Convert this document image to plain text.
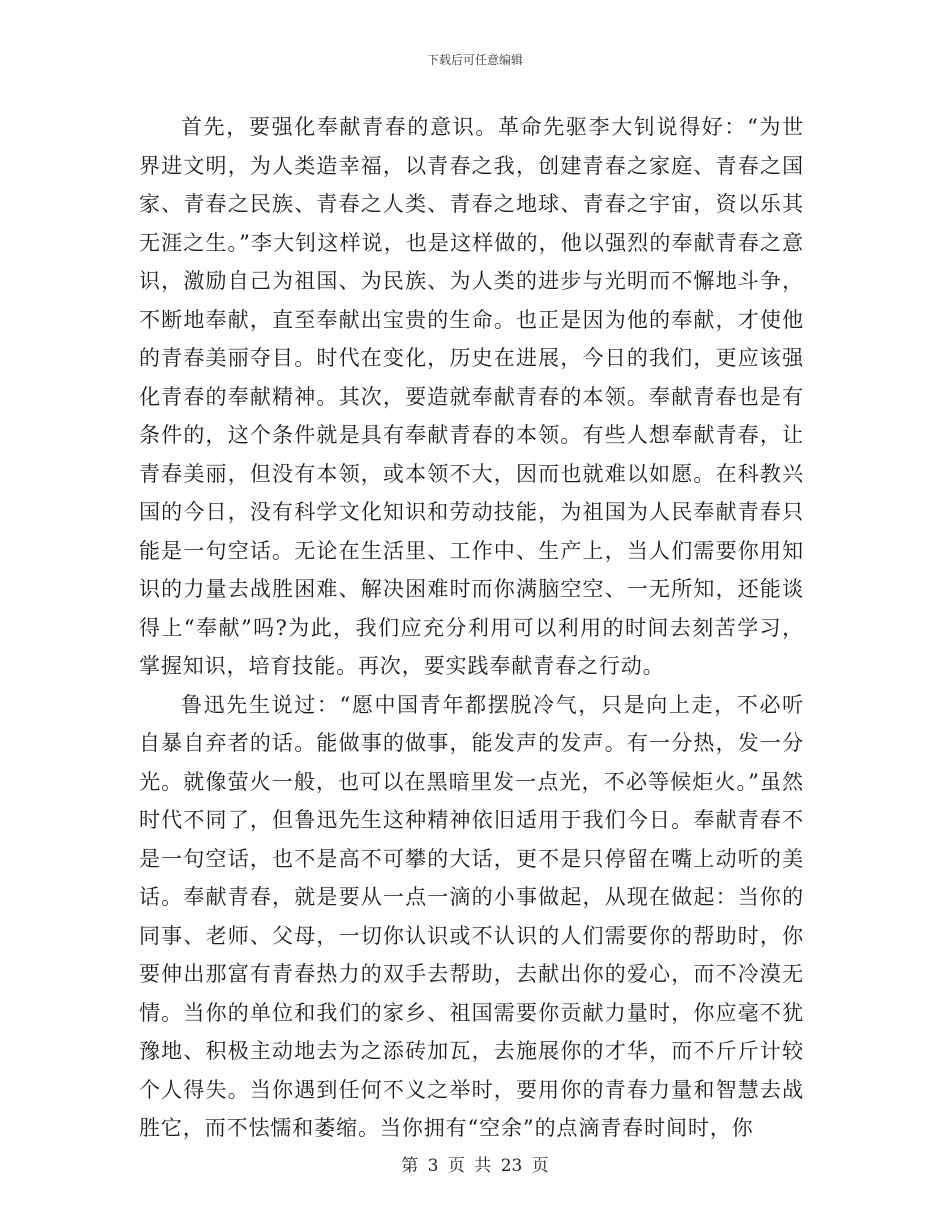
下载后可任意编辑

首先，要强化奉献青春的意识。革命先驱李大钊说得好：“为世界进文明，为人类造幸福，以青春之我，创建青春之家庭、青春之国家、青春之民族、青春之人类、青春之地球、青春之宇宙，资以乐其无涯之生。”李大钊这样说，也是这样做的，他以强烈的奉献青春之意识，激励自己为祖国、为民族、为人类的进步与光明而不懈地斗争，不断地奉献，直至奉献出宝贵的生命。也正是因为他的奉献，才使他的青春美丽夺目。时代在变化，历史在进展，今日的我们，更应该强化青春的奉献精神。其次，要造就奉献青春的本领。奉献青春也是有条件的，这个条件就是具有奉献青春的本领。有些人想奉献青春，让青春美丽，但没有本领，或本领不大，因而也就难以如愿。在科教兴国的今日，没有科学文化知识和劳动技能，为祖国为人民奉献青春只能是一句空话。无论在生活里、工作中、生产上，当人们需要你用知识的力量去战胜困难、解决困难时而你满脑空空、一无所知，还能谈得上“奉献”吗?为此，我们应充分利用可以利用的时间去刻苦学习，掌握知识，培育技能。再次，要实践奉献青春之行动。

鲁迅先生说过：“愿中国青年都摆脱冷气，只是向上走，不必听自暴自弃者的话。能做事的做事，能发声的发声。有一分热，发一分光。就像萤火一般，也可以在黑暗里发一点光，不必等候炬火。”虽然时代不同了，但鲁迅先生这种精神依旧适用于我们今日。奉献青春不是一句空话，也不是高不可攀的大话，更不是只停留在嘴上动听的美话。奉献青春，就是要从一点一滴的小事做起，从现在做起：当你的同事、老师、父母，一切你认识或不认识的人们需要你的帮助时，你要伸出那富有青春热力的双手去帮助，去献出你的爱心，而不冷漠无情。当你的单位和我们的家乡、祖国需要你贡献力量时，你应毫不犹豫地、积极主动地去为之添砖加瓦，去施展你的才华，而不斤斤计较个人得失。当你遇到任何不义之举时，要用你的青春力量和智慧去战胜它，而不怯懦和萎缩。当你拥有“空余”的点滴青春时间时，你

第 3 页 共 23 页
